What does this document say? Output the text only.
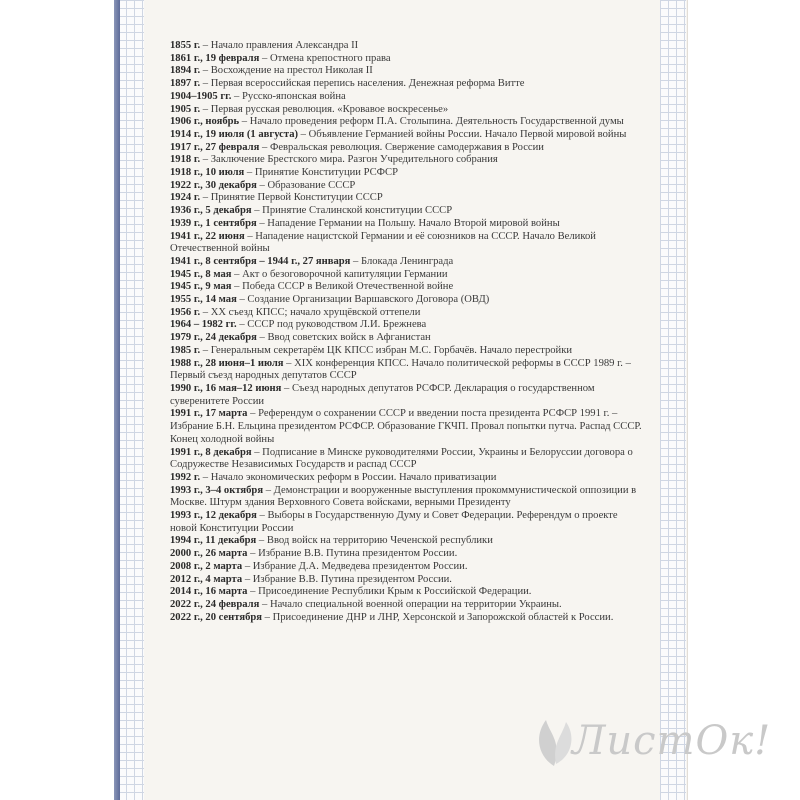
1855 г. – Начало правления Александра II

1861 г., 19 февраля – Отмена крепостного права

1894 г. – Восхождение на престол Николая II

1897 г. – Первая всероссийская перепись населения. Денежная реформа Витте

1904–1905 гг. – Русско-японская война

1905 г. – Первая русская революция. «Кровавое воскресенье»

1906 г., ноябрь – Начало проведения реформ П.А. Столыпина. Деятельность Государственной думы

1914 г., 19 июля (1 августа) – Объявление Германией войны России. Начало Первой мировой войны

1917 г., 27 февраля – Февральская революция. Свержение самодержавия в России

1918 г. – Заключение Брестского мира. Разгон Учредительного собрания

1918 г., 10 июля – Принятие Конституции РСФСР

1922 г., 30 декабря – Образование СССР

1924 г. – Принятие Первой Конституции СССР

1936 г., 5 декабря – Принятие Сталинской конституции СССР

1939 г., 1 сентября – Нападение Германии на Польшу. Начало Второй мировой войны

1941 г., 22 июня – Нападение нацистской Германии и её союзников на СССР. Начало Великой Отечественной войны

1941 г., 8 сентября – 1944 г., 27 января – Блокада Ленинграда

1945 г., 8 мая – Акт о безоговорочной капитуляции Германии

1945 г., 9 мая – Победа СССР в Великой Отечественной войне

1955 г., 14 мая – Создание Организации Варшавского Договора (ОВД)

1956 г. – XX съезд КПСС; начало хрущёвской оттепели

1964 – 1982 гг. – СССР под руководством Л.И. Брежнева

1979 г., 24 декабря – Ввод советских войск в Афганистан

1985 г. – Генеральным секретарём ЦК КПСС избран М.С. Горбачёв. Начало перестройки

1988 г., 28 июня–1 июля – XIX конференция КПСС. Начало политической реформы в СССР 1989 г. – Первый съезд народных депутатов СССР

1990 г., 16 мая–12 июня – Съезд народных депутатов РСФСР. Декларация о государственном суверенитете России

1991 г., 17 марта – Референдум о сохранении СССР и введении поста президента РСФСР 1991 г. – Избрание Б.Н. Ельцина президентом РСФСР. Образование ГКЧП. Провал попытки путча. Распад СССР. Конец холодной войны

1991 г., 8 декабря – Подписание в Минске руководителями России, Украины и Белоруссии договора о Содружестве Независимых Государств и распад СССР

1992 г. – Начало экономических реформ в России. Начало приватизации

1993 г., 3–4 октября – Демонстрации и вооруженные выступления прокоммунистической оппозиции в Москве. Штурм здания Верховного Совета войсками, верными Президенту

1993 г., 12 декабря – Выборы в Государственную Думу и Совет Федерации. Референдум о проекте новой Конституции России

1994 г., 11 декабря – Ввод войск на территорию Чеченской республики

2000 г., 26 марта – Избрание В.В. Путина президентом России.

2008 г., 2 марта – Избрание Д.А. Медведева президентом России.

2012 г., 4 марта – Избрание В.В. Путина президентом России.

2014 г., 16 марта – Присоединение Республики Крым к Российской Федерации.

2022 г., 24 февраля – Начало специальной военной операции на территории Украины.

2022 г., 20 сентября – Присоединение ДНР и ЛНР, Херсонской и Запорожской областей к России.

ЛистОк!
